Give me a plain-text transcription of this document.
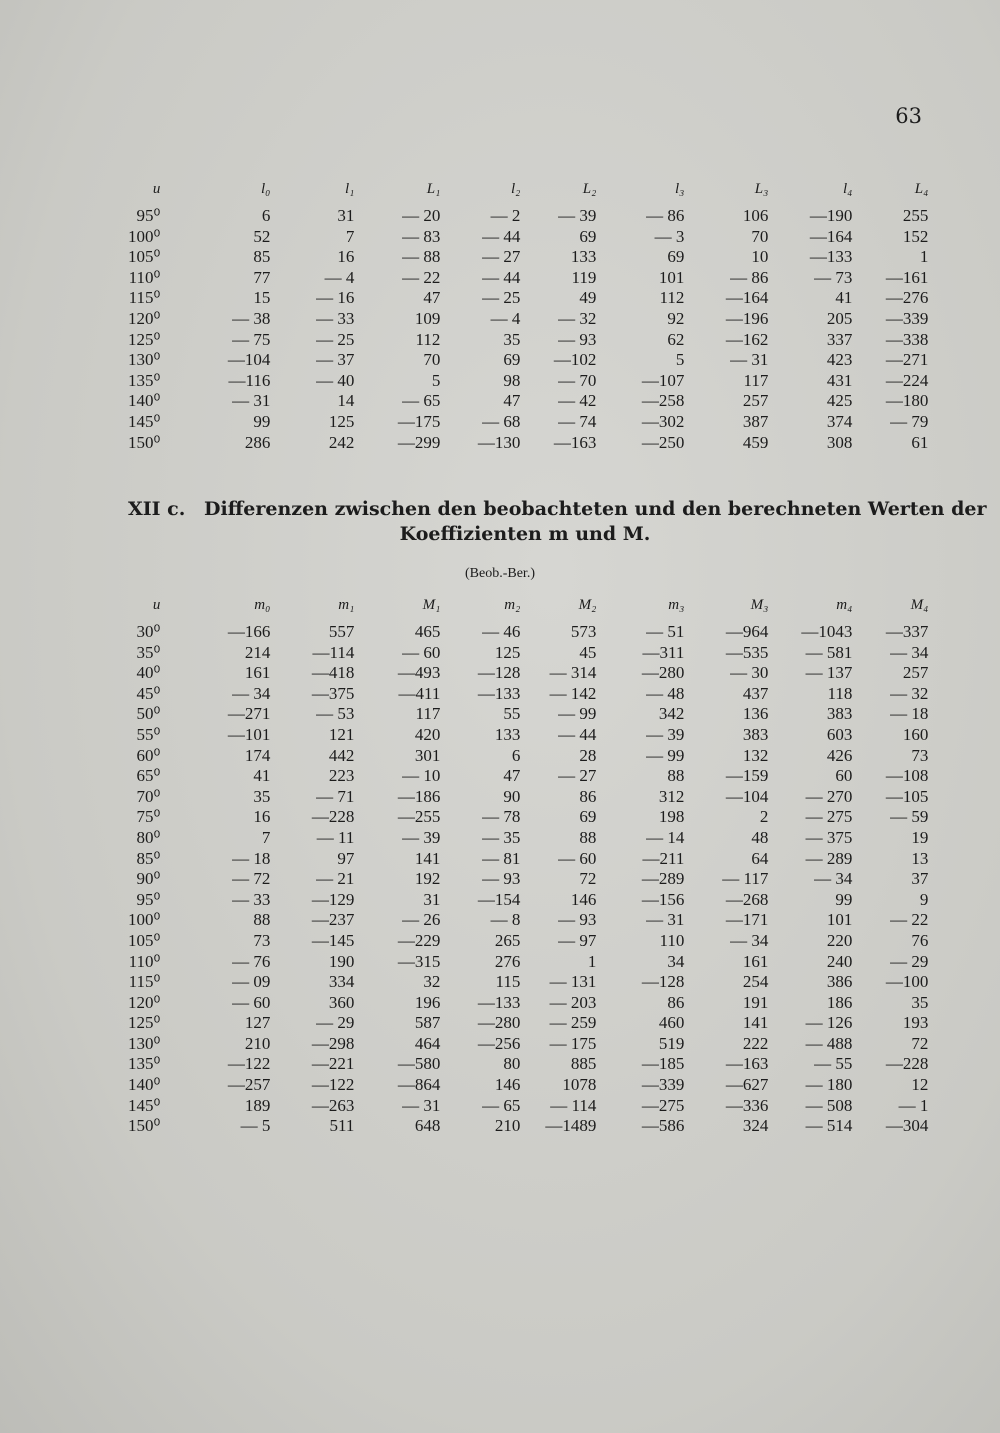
63
u	l₀	l₁	L₁	l₂	L₂	l₃	L₃	l₄	L₄
95⁰	6	31	— 20	— 2	— 39	— 86	106	—190	255
100⁰	52	7	— 83	— 44	69	— 3	70	—164	152
105⁰	85	16	— 88	— 27	133	69	10	—133	1
110⁰	77	— 4	— 22	— 44	119	101	— 86	— 73	—161
115⁰	15	— 16	47	— 25	49	112	—164	41	—276
120⁰	— 38	— 33	109	— 4	— 32	92	—196	205	—339
125⁰	— 75	— 25	112	35	— 93	62	—162	337	—338
130⁰	—104	— 37	70	69	—102	5	— 31	423	—271
135⁰	—116	— 40	5	98	— 70	—107	117	431	—224
140⁰	— 31	14	— 65	47	— 42	—258	257	425	—180
145⁰	99	125	—175	— 68	— 74	—302	387	374	— 79
150⁰	286	242	—299	—130	—163	—250	459	308	61
XII c. Differenzen zwischen den beobachteten und den berechneten Werten der
Koeffizienten m und M.
(Beob.-Ber.)
u	m₀	m₁	M₁	m₂	M₂	m₃	M₃	m₄	M₄
30⁰	—166	557	465	— 46	573	— 51	—964	—1043	—337
35⁰	214	—114	— 60	125	45	—311	—535	— 581	— 34
40⁰	161	—418	—493	—128	— 314	—280	— 30	— 137	257
45⁰	— 34	—375	—411	—133	— 142	— 48	437	118	— 32
50⁰	—271	— 53	117	55	— 99	342	136	383	— 18
55⁰	—101	121	420	133	— 44	— 39	383	603	160
60⁰	174	442	301	6	28	— 99	132	426	73
65⁰	41	223	— 10	47	— 27	88	—159	60	—108
70⁰	35	— 71	—186	90	86	312	—104	— 270	—105
75⁰	16	—228	—255	— 78	69	198	2	— 275	— 59
80⁰	7	— 11	— 39	— 35	88	— 14	48	— 375	19
85⁰	— 18	97	141	— 81	— 60	—211	64	— 289	13
90⁰	— 72	— 21	192	— 93	72	—289	— 117	— 34	37
95⁰	— 33	—129	31	—154	146	—156	—268	99	9
100⁰	88	—237	— 26	— 8	— 93	— 31	—171	101	— 22
105⁰	73	—145	—229	265	— 97	110	— 34	220	76
110⁰	— 76	190	—315	276	1	34	161	240	— 29
115⁰	— 09	334	32	115	— 131	—128	254	386	—100
120⁰	— 60	360	196	—133	— 203	86	191	186	35
125⁰	127	— 29	587	—280	— 259	460	141	— 126	193
130⁰	210	—298	464	—256	— 175	519	222	— 488	72
135⁰	—122	—221	—580	80	885	—185	—163	— 55	—228
140⁰	—257	—122	—864	146	1078	—339	—627	— 180	12
145⁰	189	—263	— 31	— 65	— 114	—275	—336	— 508	— 1
150⁰	— 5	511	648	210	—1489	—586	324	— 514	—304
